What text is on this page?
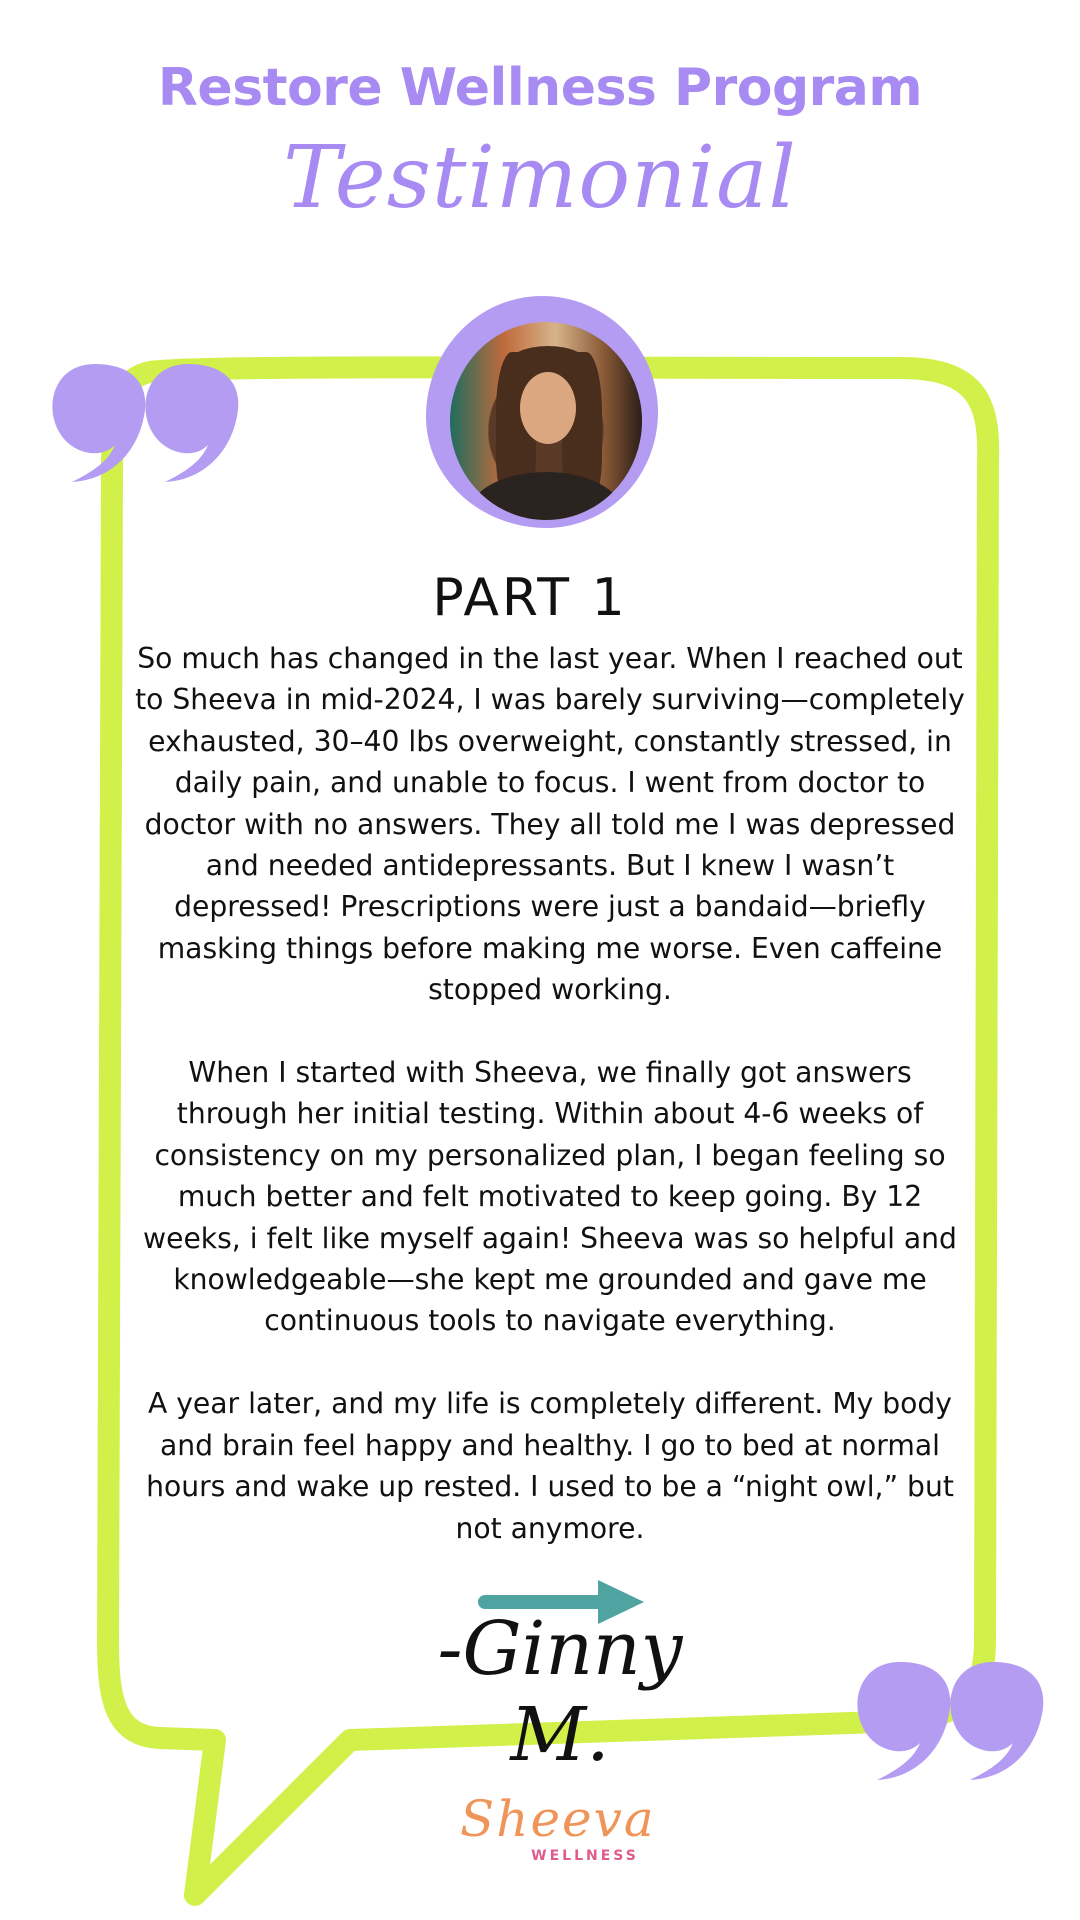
Restore Wellness Program
Testimonial
PART 1

So much has changed in the last year. When I reached out to Sheeva in mid-2024, I was barely surviving—completely exhausted, 30–40 lbs overweight, constantly stressed, in daily pain, and unable to focus. I went from doctor to doctor with no answers. They all told me I was depressed and needed antidepressants. But I knew I wasn’t depressed! Prescriptions were just a bandaid—briefly masking things before making me worse. Even caffeine stopped working.

When I started with Sheeva, we finally got answers through her initial testing. Within about 4-6 weeks of consistency on my personalized plan, I began feeling so much better and felt motivated to keep going. By 12 weeks, i felt like myself again! Sheeva was so helpful and knowledgeable—she kept me grounded and gave me continuous tools to navigate everything.

A year later, and my life is completely different. My body and brain feel happy and healthy. I go to bed at normal hours and wake up rested. I used to be a “night owl,” but not anymore.

-Ginny M.
Sheeva
WELLNESS
